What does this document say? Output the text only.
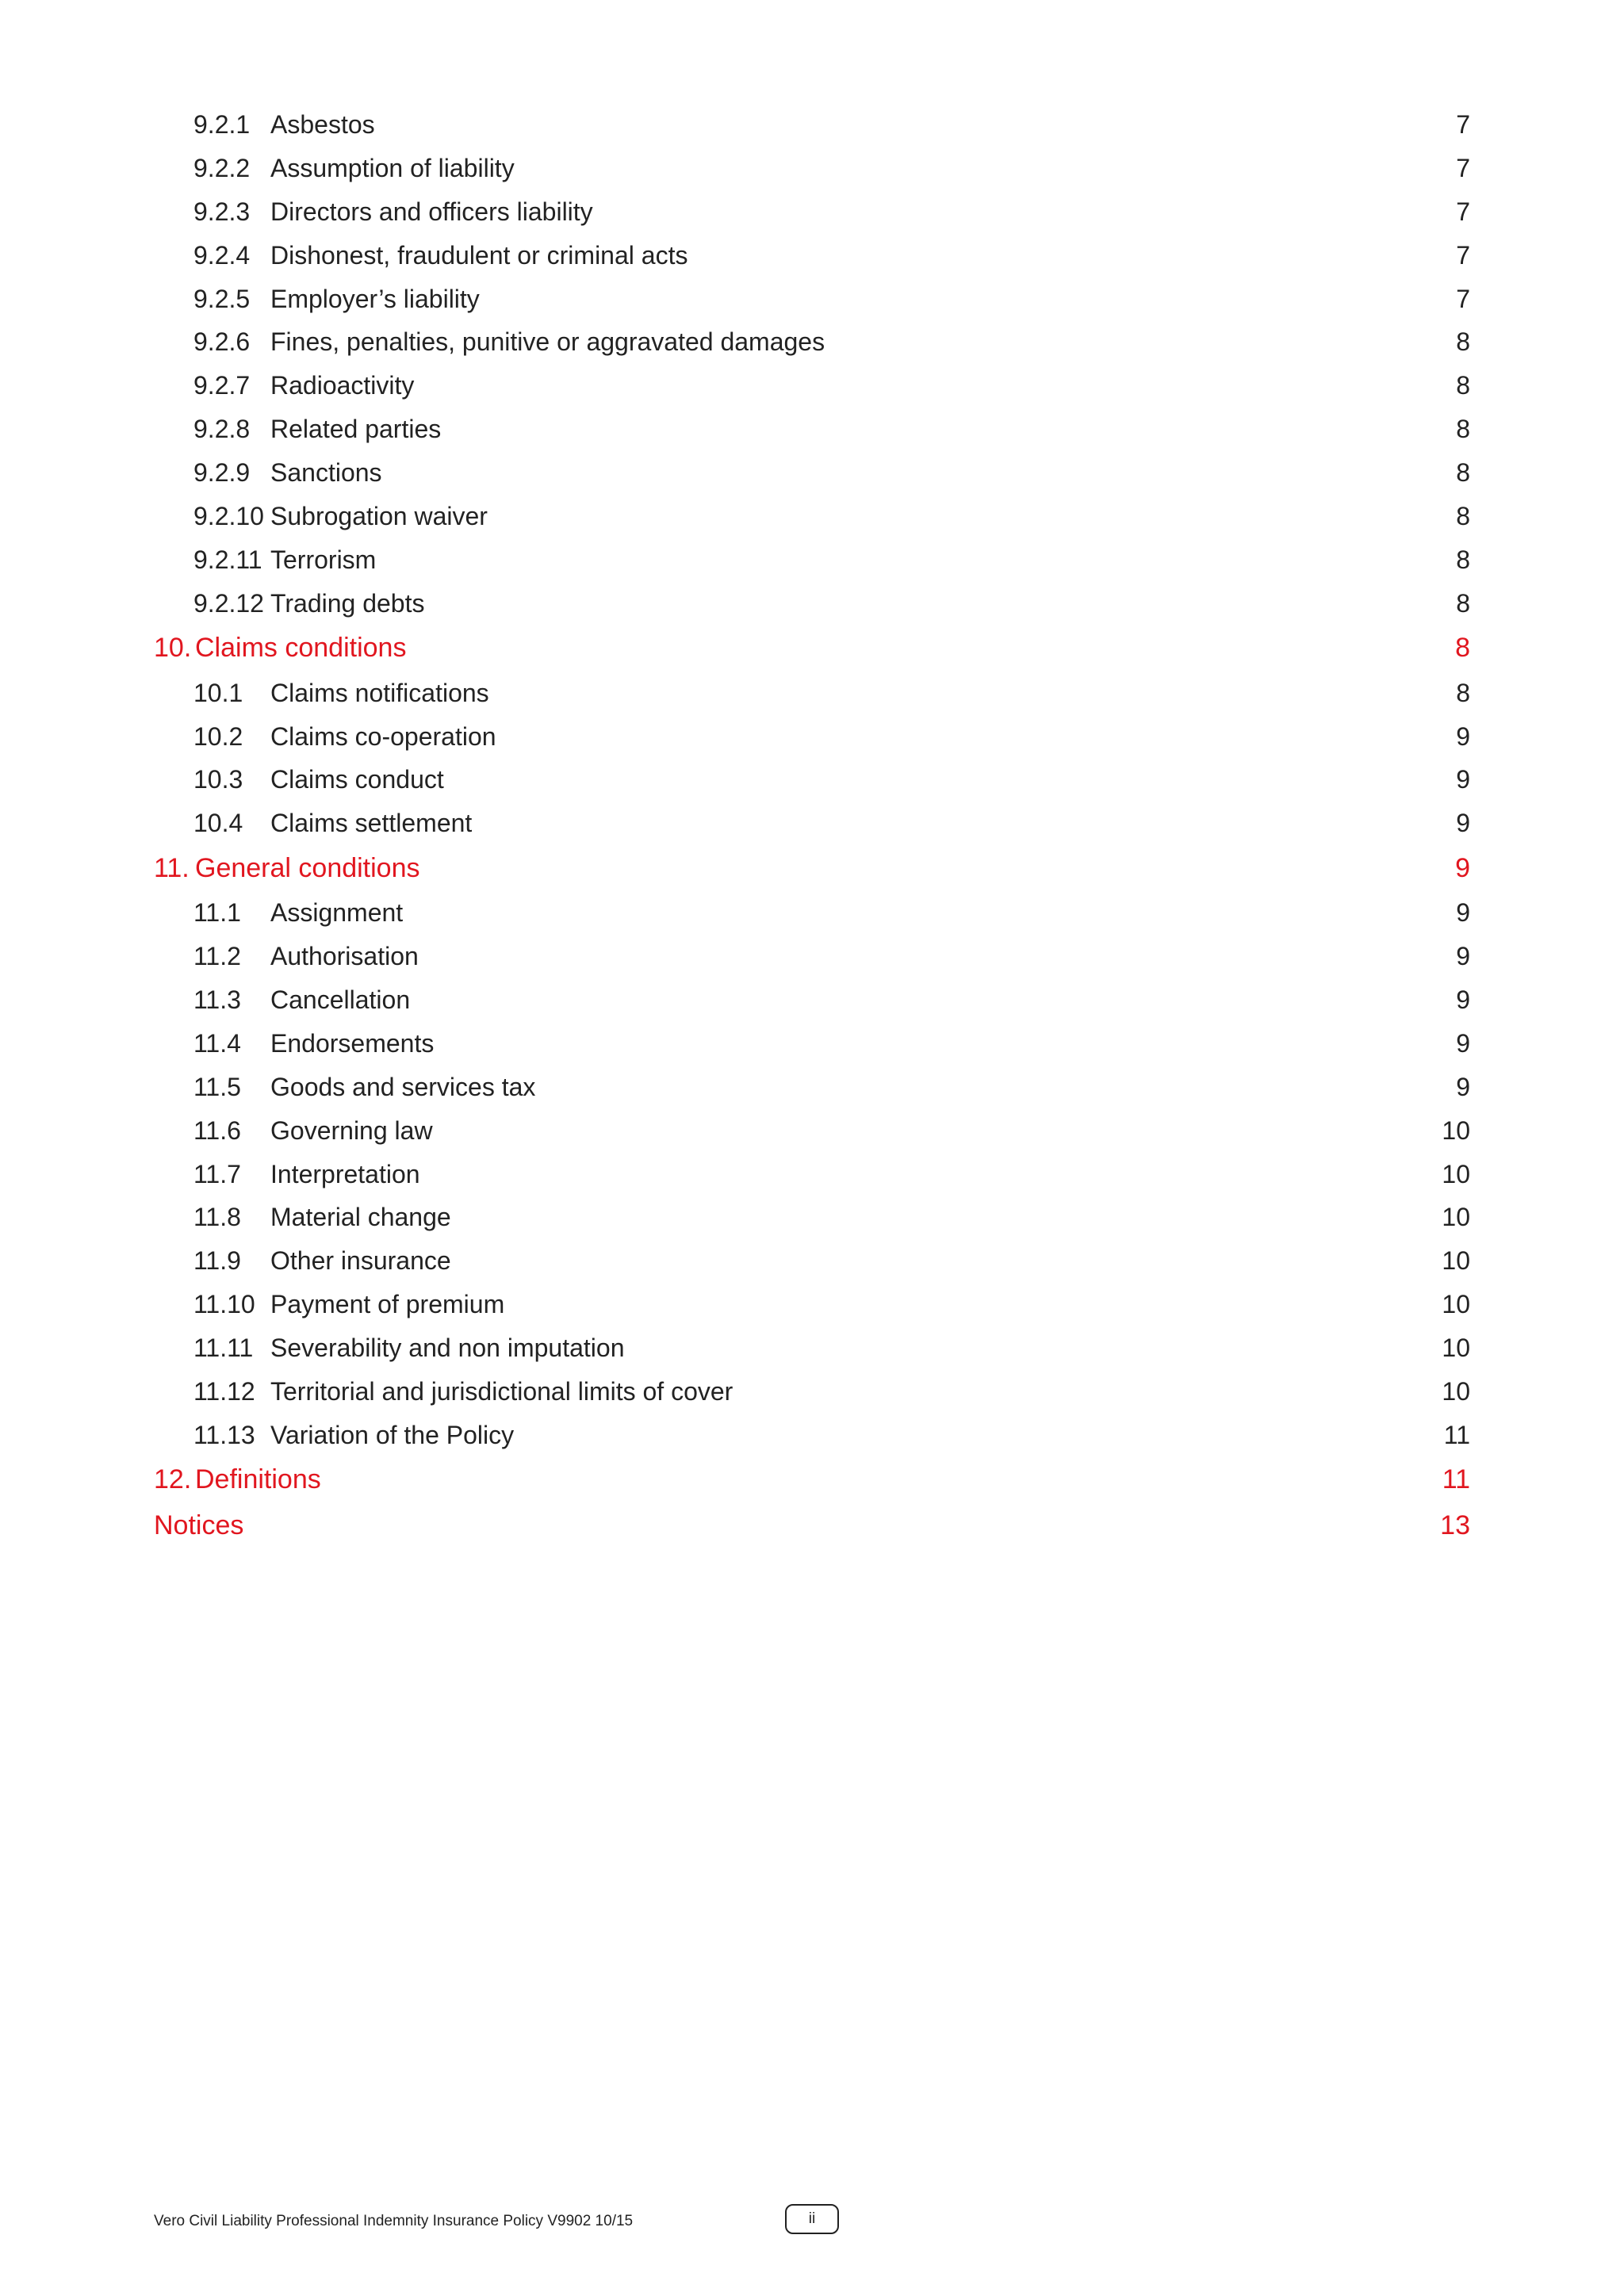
9.2.1 Asbestos	7
9.2.2 Assumption of liability	7
9.2.3 Directors and officers liability	7
9.2.4 Dishonest, fraudulent or criminal acts	7
9.2.5 Employer’s liability	7
9.2.6 Fines, penalties, punitive or aggravated damages	8
9.2.7 Radioactivity	8
9.2.8 Related parties	8
9.2.9 Sanctions	8
9.2.10 Subrogation waiver	8
9.2.11 Terrorism	8
9.2.12 Trading debts	8
10. Claims conditions	8
10.1 Claims notifications	8
10.2 Claims co-operation	9
10.3 Claims conduct	9
10.4 Claims settlement	9
11. General conditions	9
11.1 Assignment	9
11.2 Authorisation	9
11.3 Cancellation	9
11.4 Endorsements	9
11.5 Goods and services tax	9
11.6 Governing law	10
11.7 Interpretation	10
11.8 Material change	10
11.9 Other insurance	10
11.10 Payment of premium	10
11.11 Severability and non imputation	10
11.12 Territorial and jurisdictional limits of cover	10
11.13 Variation of the Policy	11
12. Definitions	11
Notices	13
Vero Civil Liability Professional Indemnity Insurance Policy V9902 10/15	ii
